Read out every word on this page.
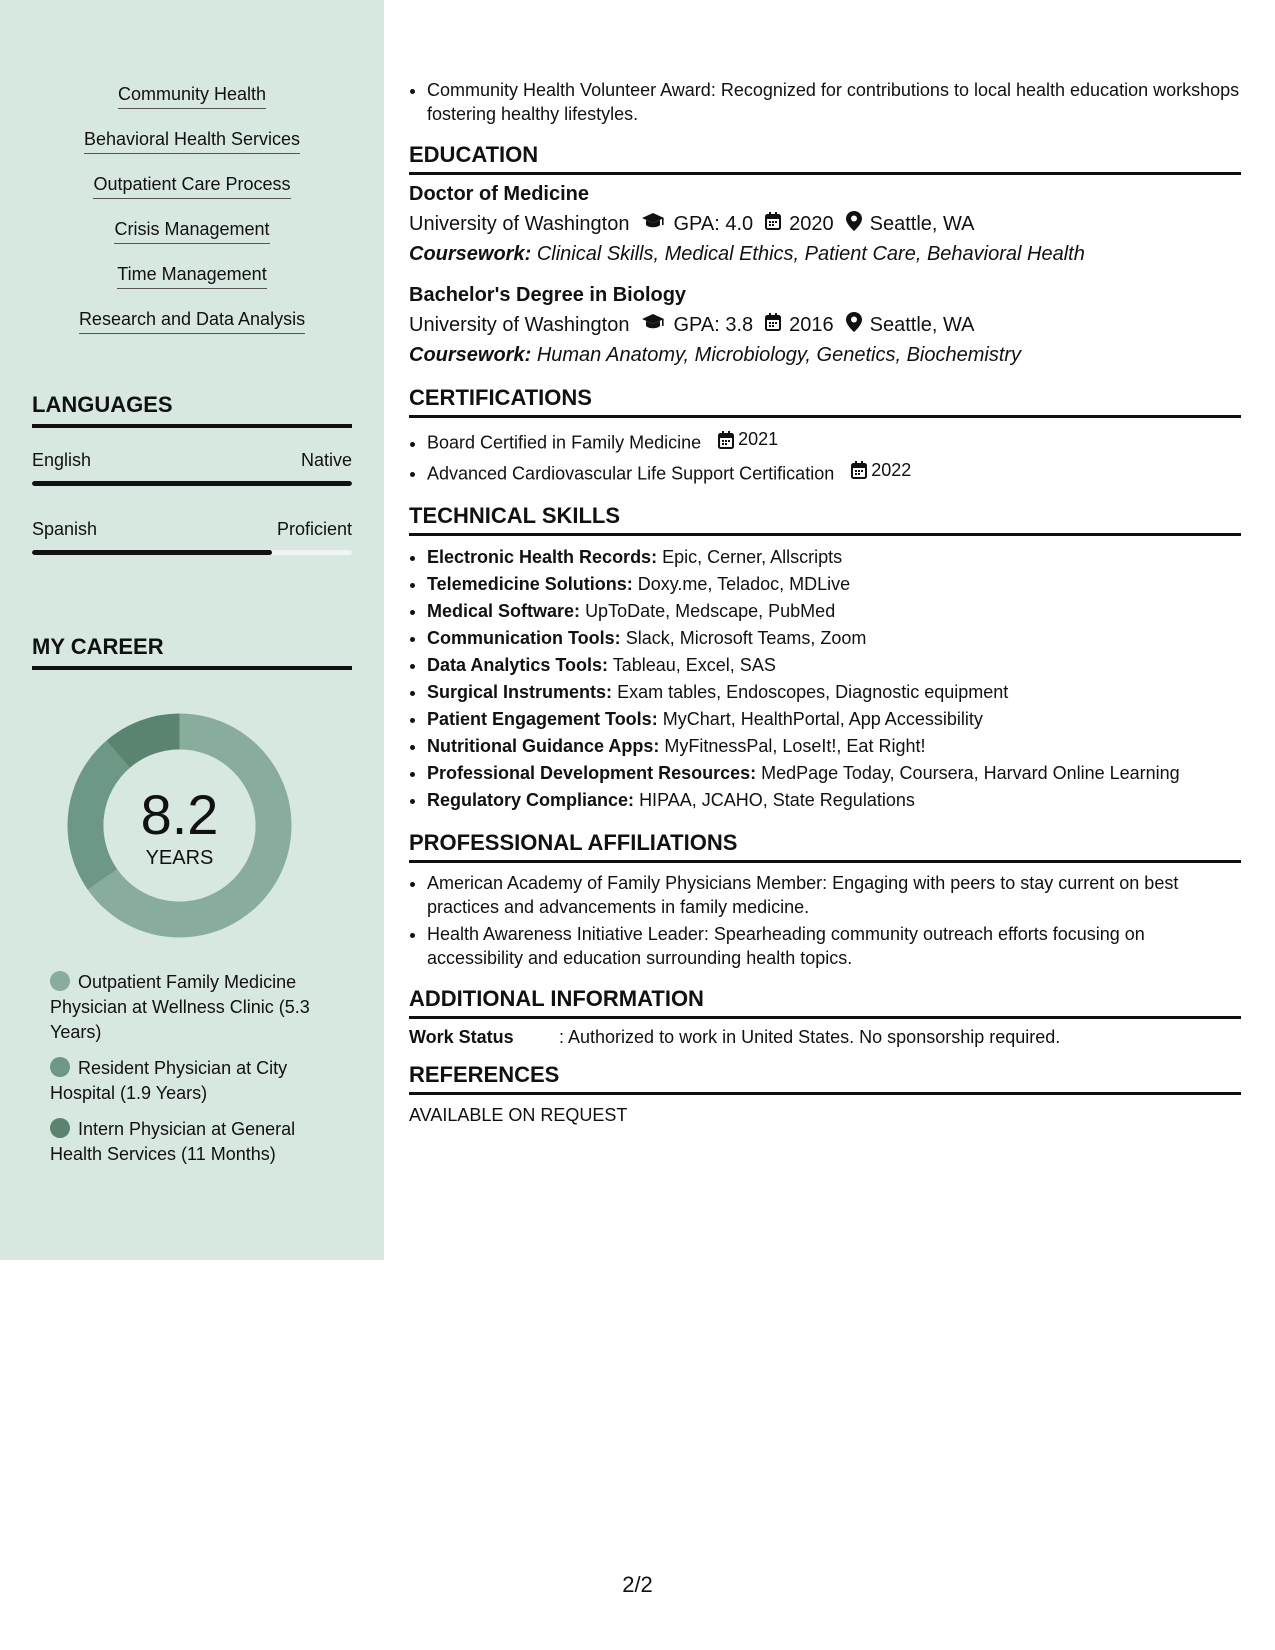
Community Health
Behavioral Health Services
Outpatient Care Process
Crisis Management
Time Management
Research and Data Analysis
LANGUAGES
English	Native
Spanish	Proficient
MY CAREER
8.2
YEARS
Outpatient Family Medicine Physician at Wellness Clinic (5.3 Years)
Resident Physician at City Hospital (1.9 Years)
Intern Physician at General Health Services (11 Months)
• Community Health Volunteer Award: Recognized for contributions to local health education workshops fostering healthy lifestyles.
EDUCATION
Doctor of Medicine
University of Washington GPA: 4.0 2020 Seattle, WA
Coursework: Clinical Skills, Medical Ethics, Patient Care, Behavioral Health
Bachelor's Degree in Biology
University of Washington GPA: 3.8 2016 Seattle, WA
Coursework: Human Anatomy, Microbiology, Genetics, Biochemistry
CERTIFICATIONS
• Board Certified in Family Medicine 2021
• Advanced Cardiovascular Life Support Certification 2022
TECHNICAL SKILLS
• Electronic Health Records: Epic, Cerner, Allscripts
• Telemedicine Solutions: Doxy.me, Teladoc, MDLive
• Medical Software: UpToDate, Medscape, PubMed
• Communication Tools: Slack, Microsoft Teams, Zoom
• Data Analytics Tools: Tableau, Excel, SAS
• Surgical Instruments: Exam tables, Endoscopes, Diagnostic equipment
• Patient Engagement Tools: MyChart, HealthPortal, App Accessibility
• Nutritional Guidance Apps: MyFitnessPal, LoseIt!, Eat Right!
• Professional Development Resources: MedPage Today, Coursera, Harvard Online Learning
• Regulatory Compliance: HIPAA, JCAHO, State Regulations
PROFESSIONAL AFFILIATIONS
• American Academy of Family Physicians Member: Engaging with peers to stay current on best practices and advancements in family medicine.
• Health Awareness Initiative Leader: Spearheading community outreach efforts focusing on accessibility and education surrounding health topics.
ADDITIONAL INFORMATION
Work Status	: Authorized to work in United States. No sponsorship required.
REFERENCES
AVAILABLE ON REQUEST
2/2
